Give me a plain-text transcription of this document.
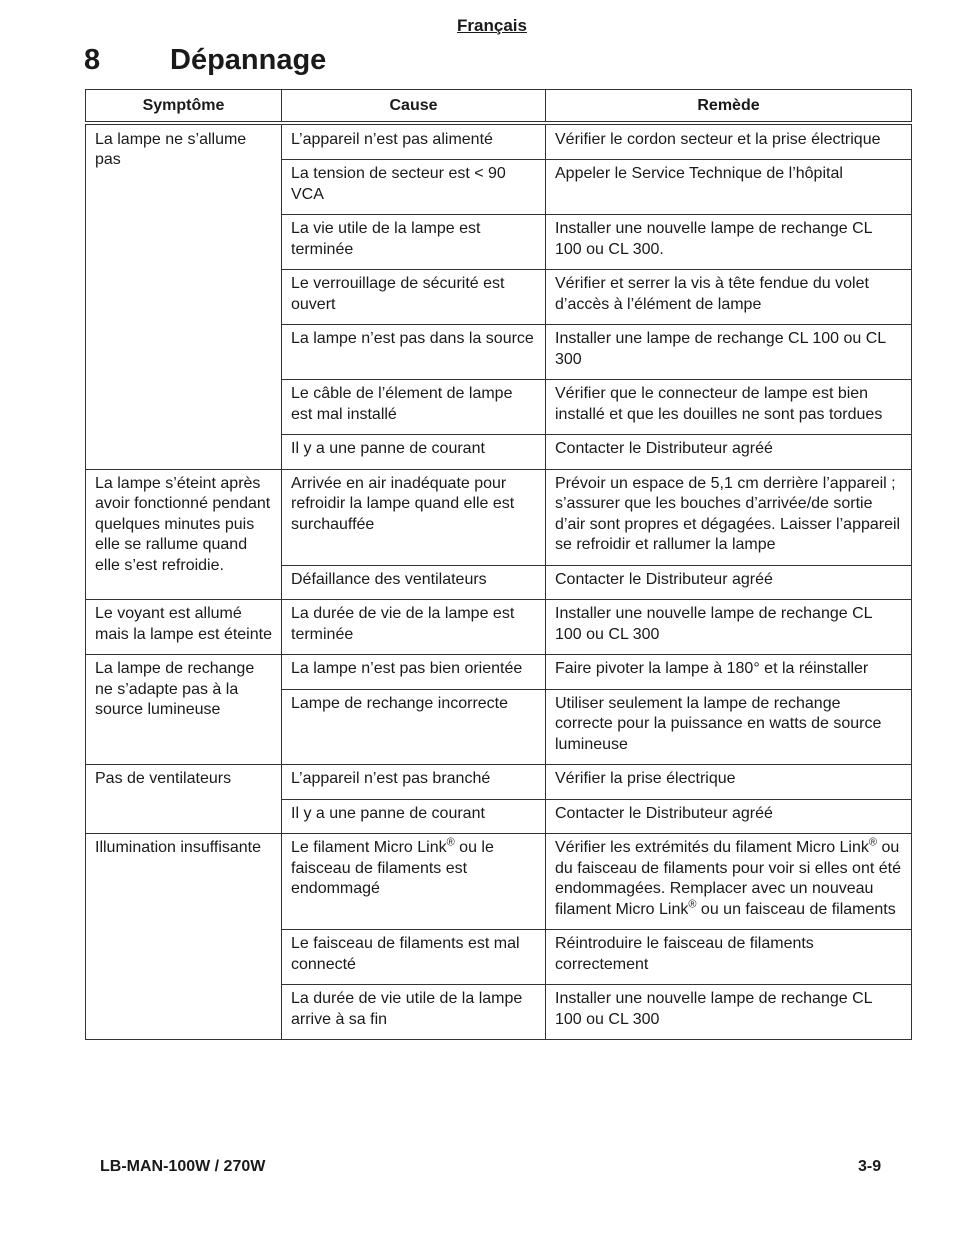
Français
8 Dépannage
Symptôme	Cause	Remède
La lampe ne s’allume pas	L’appareil n’est pas alimenté	Vérifier le cordon secteur et la prise électrique
	La tension de secteur est < 90 VCA	Appeler le Service Technique de l’hôpital
	La vie utile de la lampe est terminée	Installer une nouvelle lampe de rechange CL 100 ou CL 300.
	Le verrouillage de sécurité est ouvert	Vérifier et serrer la vis à tête fendue du volet d’accès à l’élément de lampe
	La lampe n’est pas dans la source	Installer une lampe de rechange CL 100 ou CL 300
	Le câble de l’élement de lampe est mal installé	Vérifier que le connecteur de lampe est bien installé et que les douilles ne sont pas tordues
	Il y a une panne de courant	Contacter le Distributeur agréé
La lampe s’éteint après avoir fonctionné pendant quelques minutes puis elle se rallume quand elle s’est refroidie.	Arrivée en air inadéquate pour refroidir la lampe quand elle est surchauffée	Prévoir un espace de 5,1 cm derrière l’appareil ; s’assurer que les bouches d’arrivée/de sortie d’air sont propres et dégagées. Laisser l’appareil se refroidir et rallumer la lampe
	Défaillance des ventilateurs	Contacter le Distributeur agréé
Le voyant est allumé mais la lampe est éteinte	La durée de vie de la lampe est terminée	Installer une nouvelle lampe de rechange CL 100 ou CL 300
La lampe de rechange ne s’adapte pas à la source lumineuse	La lampe n’est pas bien orientée	Faire pivoter la lampe à 180° et la réinstaller
	Lampe de rechange incorrecte	Utiliser seulement la lampe de rechange correcte pour la puissance en watts de source lumineuse
Pas de ventilateurs	L’appareil n’est pas branché	Vérifier la prise électrique
	Il y a une panne de courant	Contacter le Distributeur agréé
Illumination insuffisante	Le filament Micro Link® ou le faisceau de filaments est endommagé	Vérifier les extrémités du filament Micro Link® ou du faisceau de filaments pour voir si elles ont été endommagées. Remplacer avec un nouveau filament Micro Link® ou un faisceau de filaments
	Le faisceau de filaments est mal connecté	Réintroduire le faisceau de filaments correctement
	La durée de vie utile de la lampe arrive à sa fin	Installer une nouvelle lampe de rechange CL 100 ou CL 300
LB-MAN-100W / 270W	3-9
